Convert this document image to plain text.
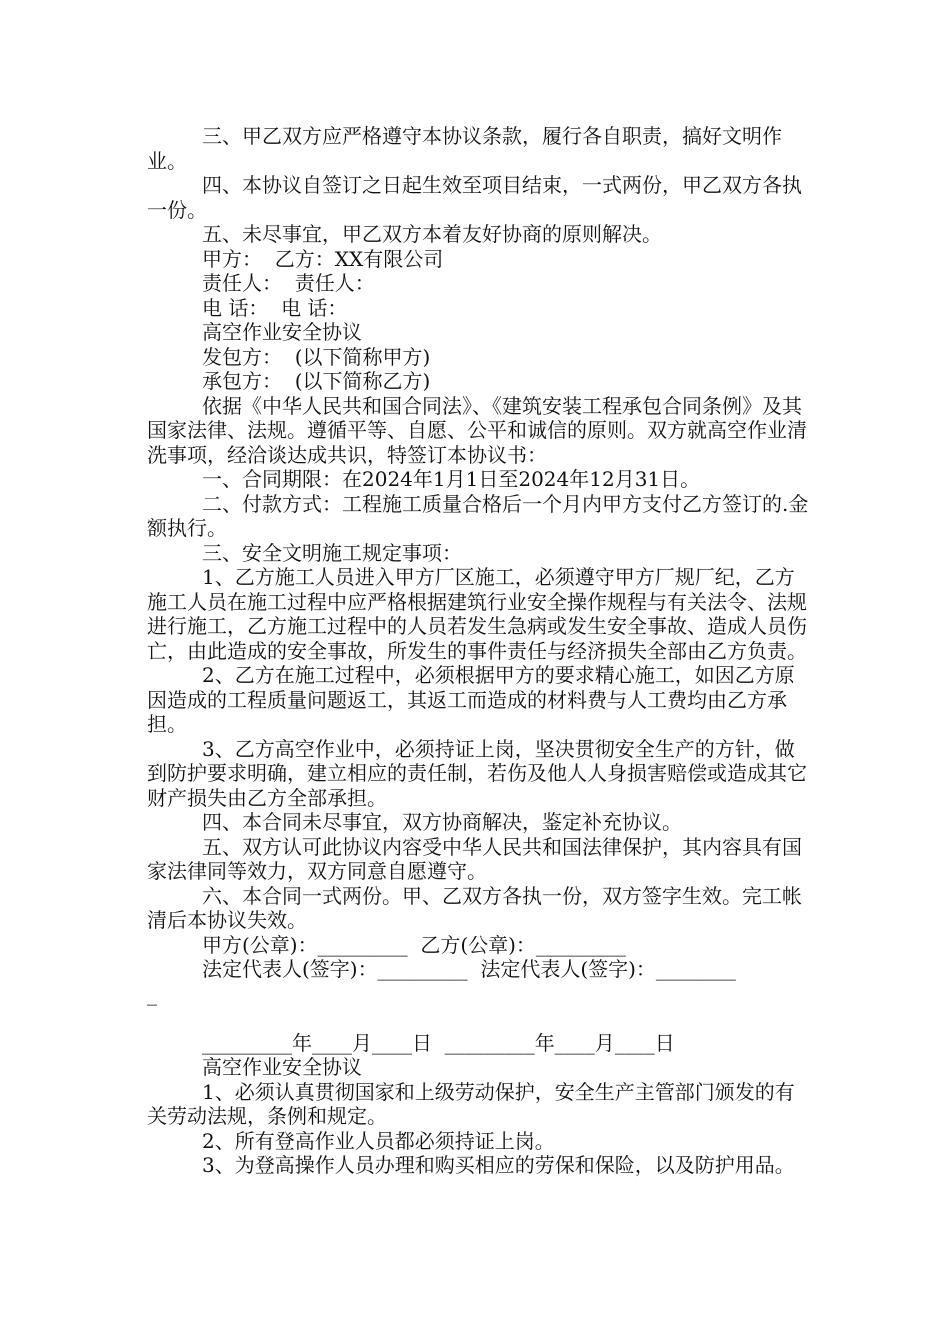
三、甲乙双方应严格遵守本协议条款，履行各自职责，搞好文明作业。

四、本协议自签订之日起生效至项目结束，一式两份，甲乙双方各执一份。

五、未尽事宜，甲乙双方本着友好协商的原则解决。

甲方：  乙方：XX有限公司

责任人：  责任人：

电 话：  电 话：

高空作业安全协议

发包方：  (以下简称甲方)

承包方：  (以下简称乙方)

依据《中华人民共和国合同法》、《建筑安装工程承包合同条例》及其国家法律、法规。遵循平等、自愿、公平和诚信的原则。双方就高空作业清洗事项，经洽谈达成共识，特签订本协议书：

一、合同期限：在2024年1月1日至2024年12月31日。

二、付款方式：工程施工质量合格后一个月内甲方支付乙方签订的.金额执行。

三、安全文明施工规定事项：

1、乙方施工人员进入甲方厂区施工，必须遵守甲方厂规厂纪，乙方施工人员在施工过程中应严格根据建筑行业安全操作规程与有关法令、法规进行施工，乙方施工过程中的人员若发生急病或发生安全事故、造成人员伤亡，由此造成的安全事故，所发生的事件责任与经济损失全部由乙方负责。

2、乙方在施工过程中，必须根据甲方的要求精心施工，如因乙方原因造成的工程质量问题返工，其返工而造成的材料费与人工费均由乙方承担。

3、乙方高空作业中，必须持证上岗，坚决贯彻安全生产的方针，做到防护要求明确，建立相应的责任制，若伤及他人人身损害赔偿或造成其它财产损失由乙方全部承担。

四、本合同未尽事宜，双方协商解决，鉴定补充协议。

五、双方认可此协议内容受中华人民共和国法律保护，其内容具有国家法律同等效力，双方同意自愿遵守。

六、本合同一式两份。甲、乙双方各执一份，双方签字生效。完工帐清后本协议失效。

甲方(公章)：_________  乙方(公章)：_________

法定代表人(签字)：_________  法定代表人(签字)：________
_

_________年____月____日  _________年____月____日

高空作业安全协议

1、必须认真贯彻国家和上级劳动保护，安全生产主管部门颁发的有关劳动法规，条例和规定。

2、所有登高作业人员都必须持证上岗。

3、为登高操作人员办理和购买相应的劳保和保险，以及防护用品。
